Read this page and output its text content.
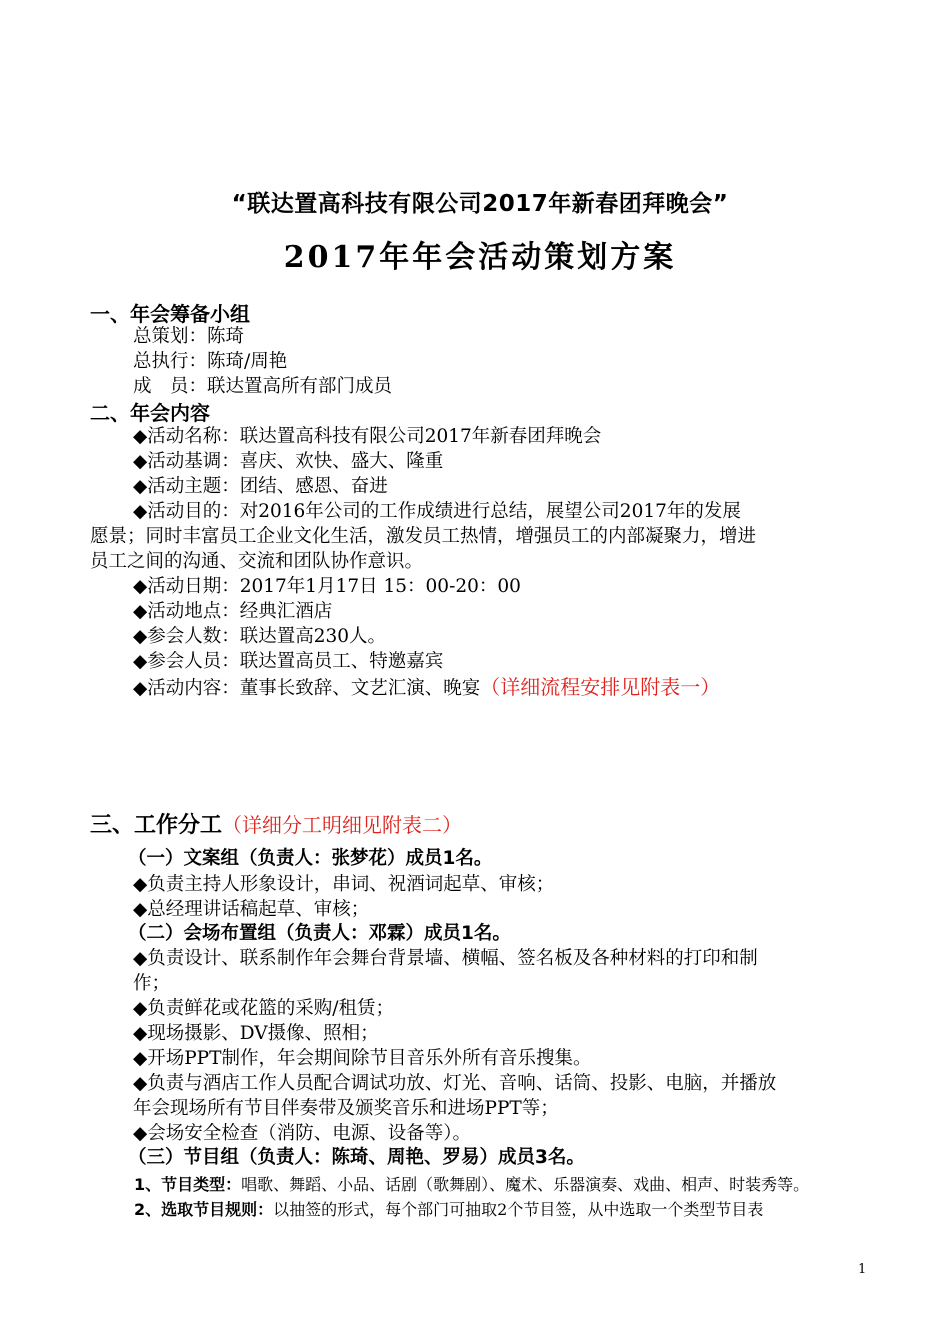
“联达置高科技有限公司2017年新春团拜晚会”
2017年年会活动策划方案
一、年会筹备小组
总策划：陈琦
总执行：陈琦/周艳
成　员：联达置高所有部门成员
二、年会内容
◆活动名称：联达置高科技有限公司2017年新春团拜晚会
◆活动基调：喜庆、欢快、盛大、隆重
◆活动主题：团结、感恩、奋进
◆活动目的：对2016年公司的工作成绩进行总结，展望公司2017年的发展
愿景；同时丰富员工企业文化生活，激发员工热情，增强员工的内部凝聚力，增进
员工之间的沟通、交流和团队协作意识。
◆活动日期：2017年1月17日 15：00-20：00
◆活动地点：经典汇酒店
◆参会人数：联达置高230人。
◆参会人员：联达置高员工、特邀嘉宾
◆活动内容：董事长致辞、文艺汇演、晚宴（详细流程安排见附表一）
三、工作分工（详细分工明细见附表二）
（一）文案组（负责人：张梦花）成员1名。
◆负责主持人形象设计，串词、祝酒词起草、审核；
◆总经理讲话稿起草、审核；
（二）会场布置组（负责人：邓霖）成员1名。
◆负责设计、联系制作年会舞台背景墙、横幅、签名板及各种材料的打印和制
作；
◆负责鲜花或花篮的采购/租赁；
◆现场摄影、DV摄像、照相；
◆开场PPT制作，年会期间除节目音乐外所有音乐搜集。
◆负责与酒店工作人员配合调试功放、灯光、音响、话筒、投影、电脑，并播放
年会现场所有节目伴奏带及颁奖音乐和进场PPT等；
◆会场安全检查（消防、电源、设备等）。
（三）节目组（负责人：陈琦、周艳、罗易）成员3名。
1、节目类型：唱歌、舞蹈、小品、话剧（歌舞剧）、魔术、乐器演奏、戏曲、相声、时装秀等。
2、选取节目规则：以抽签的形式，每个部门可抽取2个节目签，从中选取一个类型节目表
1
